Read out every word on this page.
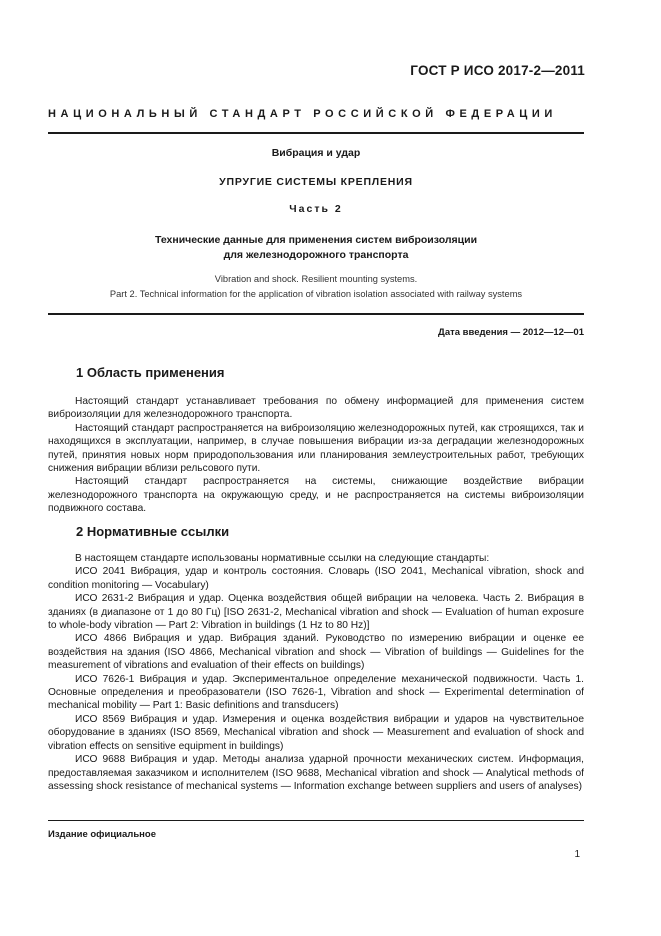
ГОСТ Р ИСО 2017-2—2011
НАЦИОНАЛЬНЫЙ СТАНДАРТ РОССИЙСКОЙ ФЕДЕРАЦИИ
Вибрация и удар
УПРУГИЕ СИСТЕМЫ КРЕПЛЕНИЯ
Часть 2
Технические данные для применения систем виброизоляции
для железнодорожного транспорта
Vibration and shock. Resilient mounting systems.
Part 2. Technical information for the application of vibration isolation associated with railway systems
Дата введения — 2012—12—01
1 Область применения

Настоящий стандарт устанавливает требования по обмену информацией для применения систем виброизоляции для железнодорожного транспорта.

Настоящий стандарт распространяется на виброизоляцию железнодорожных путей, как строящихся, так и находящихся в эксплуатации, например, в случае повышения вибрации из-за деградации железнодорожных путей, принятия новых норм природопользования или планирования землеустроительных работ, требующих снижения вибрации вблизи рельсового пути.

Настоящий стандарт распространяется на системы, снижающие воздействие вибрации железнодорожного транспорта на окружающую среду, и не распространяется на системы виброизоляции подвижного состава.

2 Нормативные ссылки

В настоящем стандарте использованы нормативные ссылки на следующие стандарты:

ИСО 2041 Вибрация, удар и контроль состояния. Словарь (ISO 2041, Mechanical vibration, shock and condition monitoring — Vocabulary)

ИСО 2631-2 Вибрация и удар. Оценка воздействия общей вибрации на человека. Часть 2. Вибрация в зданиях (в диапазоне от 1 до 80 Гц) [ISO 2631-2, Mechanical vibration and shock — Evaluation of human exposure to whole-body vibration — Part 2: Vibration in buildings (1 Hz to 80 Hz)]

ИСО 4866 Вибрация и удар. Вибрация зданий. Руководство по измерению вибрации и оценке ее воздействия на здания (ISO 4866, Mechanical vibration and shock — Vibration of buildings — Guidelines for the measurement of vibrations and evaluation of their effects on buildings)

ИСО 7626-1 Вибрация и удар. Экспериментальное определение механической подвижности. Часть 1. Основные определения и преобразователи (ISO 7626-1, Vibration and shock — Experimental determination of mechanical mobility — Part 1: Basic definitions and transducers)

ИСО 8569 Вибрация и удар. Измерения и оценка воздействия вибрации и ударов на чувствительное оборудование в зданиях (ISO 8569, Mechanical vibration and shock — Measurement and evaluation of shock and vibration effects on sensitive equipment in buildings)

ИСО 9688 Вибрация и удар. Методы анализа ударной прочности механических систем. Информация, предоставляемая заказчиком и исполнителем (ISO 9688, Mechanical vibration and shock — Analytical methods of assessing shock resistance of mechanical systems — Information exchange between suppliers and users of analyses)

Издание официальное
1
